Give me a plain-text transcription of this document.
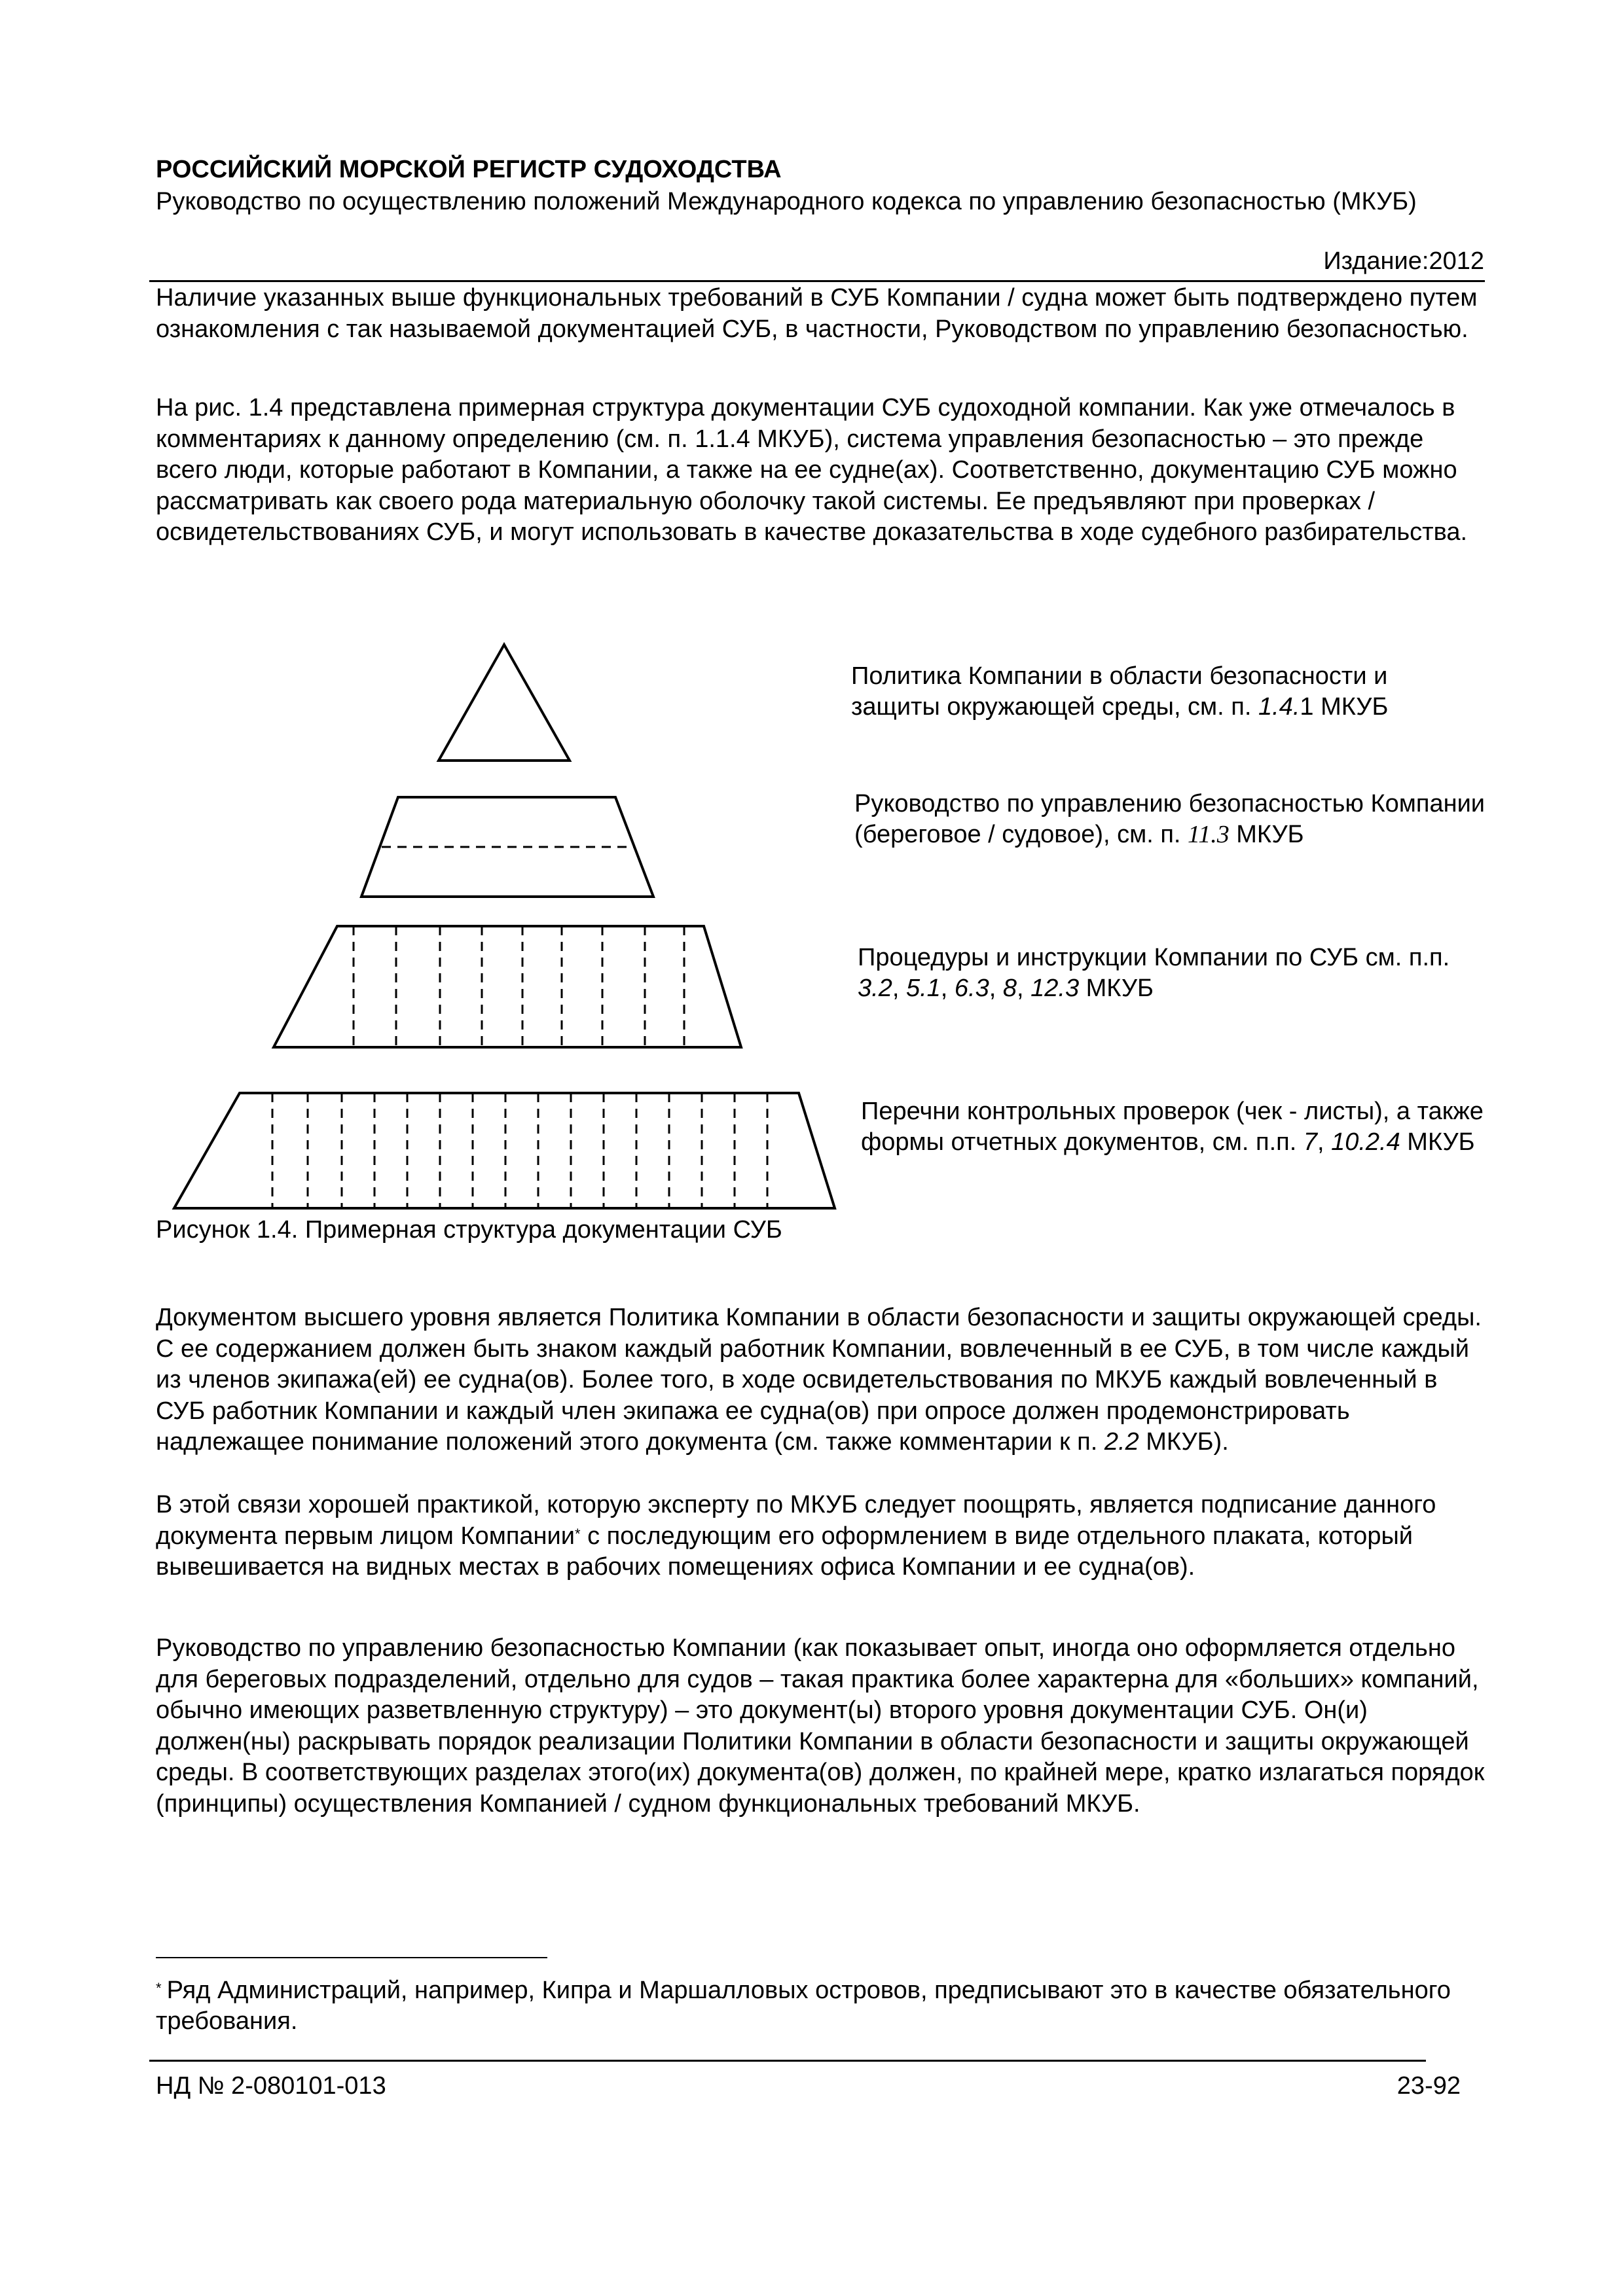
РОССИЙСКИЙ МОРСКОЙ РЕГИСТР СУДОХОДСТВА
Руководство по осуществлению положений Международного кодекса по управлению безопасностью (МКУБ)
Издание:2012

Наличие указанных выше функциональных требований в СУБ Компании / судна может быть подтверждено путем ознакомления с так называемой документацией СУБ, в частности, Руководством по управлению безопасностью.

На рис. 1.4 представлена примерная структура документации СУБ судоходной компании. Как уже отмечалось в комментариях к данному определению (см. п. 1.1.4 МКУБ), система управления безопасностью – это прежде всего люди, которые работают в Компании, а также на ее судне(ах). Соответственно, документацию СУБ можно рассматривать как своего рода материальную оболочку такой системы. Ее предъявляют при проверках / освидетельствованиях СУБ, и могут использовать в качестве доказательства в ходе судебного разбирательства.

Политика Компании в области безопасности и защиты окружающей среды, см. п. 1.4.1 МКУБ
Руководство по управлению безопасностью Компании (береговое / судовое), см. п. 11.3 МКУБ
Процедуры и инструкции Компании по СУБ см. п.п. 3.2, 5.1, 6.3, 8, 12.3 МКУБ
Перечни контрольных проверок (чек - листы), а также формы отчетных документов, см. п.п. 7, 10.2.4 МКУБ
Рисунок 1.4. Примерная структура документации СУБ

Документом высшего уровня является Политика Компании в области безопасности и защиты окружающей среды. С ее содержанием должен быть знаком каждый работник Компании, вовлеченный в ее СУБ, в том числе каждый из членов экипажа(ей) ее судна(ов). Более того, в ходе освидетельствования по МКУБ каждый вовлеченный в СУБ работник Компании и каждый член экипажа ее судна(ов) при опросе должен продемонстрировать надлежащее понимание положений этого документа (см. также комментарии к п. 2.2 МКУБ).

В этой связи хорошей практикой, которую эксперту по МКУБ следует поощрять, является подписание данного документа первым лицом Компании* с последующим его оформлением в виде отдельного плаката, который вывешивается на видных местах в рабочих помещениях офиса Компании и ее судна(ов).

Руководство по управлению безопасностью Компании (как показывает опыт, иногда оно оформляется отдельно для береговых подразделений, отдельно для судов – такая практика более характерна для «больших» компаний, обычно имеющих разветвленную структуру) – это документ(ы) второго уровня документации СУБ. Он(и) должен(ны) раскрывать порядок реализации Политики Компании в области безопасности и защиты окружающей среды. В соответствующих разделах этого(их) документа(ов) должен, по крайней мере, кратко излагаться порядок (принципы) осуществления Компанией / судном функциональных требований МКУБ.

* Ряд Администраций, например, Кипра и Маршалловых островов, предписывают это в качестве обязательного требования.
НД № 2-080101-013	23-92
